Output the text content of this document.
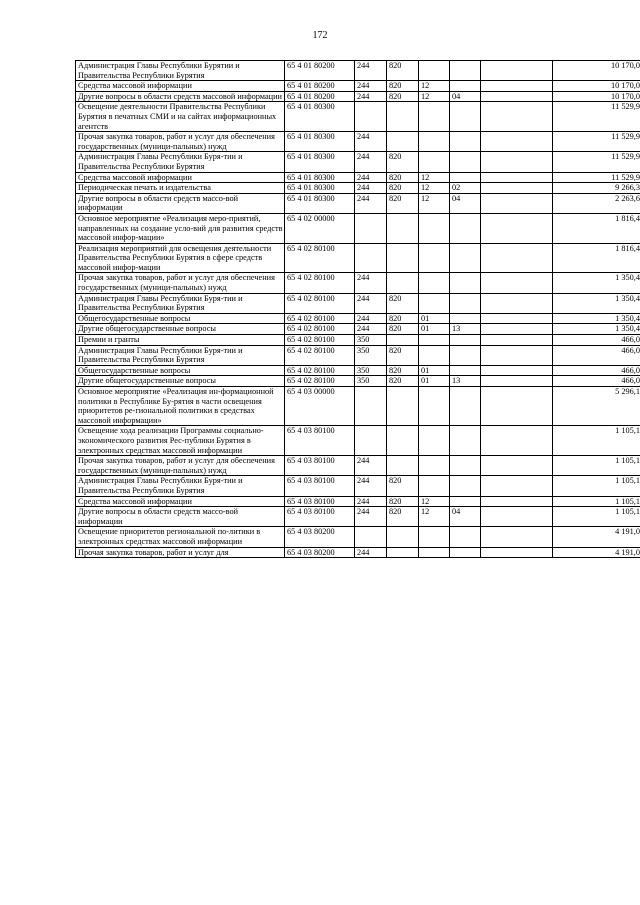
172
Администрация Главы Республики Бурятии и Правительства Республики Бурятия	65 4 01 80200	244	820				10 170,0
Средства массовой информации	65 4 01 80200	244	820	12			10 170,0
Другие вопросы в области средств массовой информации	65 4 01 80200	244	820	12	04		10 170,0
Освещение деятельности Правительства Республики Бурятия в печатных СМИ и на сайтах информационных агентств	65 4 01 80300						11 529,9
Прочая закупка товаров, работ и услуг для обеспечения государственных (муници-пальных) нужд	65 4 01 80300	244					11 529,9
Администрация Главы Республики Буря-тии и Правительства Республики Бурятия	65 4 01 80300	244	820				11 529,9
Средства массовой информации	65 4 01 80300	244	820	12			11 529,9
Периодическая печать и издательства	65 4 01 80300	244	820	12	02		9 266,3
Другие вопросы в области средств массо-вой информации	65 4 01 80300	244	820	12	04		2 263,6
Основное мероприятие «Реализация меро-приятий, направленных на создание усло-вий для развития средств массовой инфор-мации»	65 4 02 00000						1 816,4
Реализация мероприятий для освещения деятельности Правительства Республики Бурятия в сфере средств массовой инфор-мации	65 4 02 80100						1 816,4
Прочая закупка товаров, работ и услуг для обеспечения государственных (муници-пальных) нужд	65 4 02 80100	244					1 350,4
Администрация Главы Республики Буря-тии и Правительства Республики Бурятия	65 4 02 80100	244	820				1 350,4
Общегосударственные вопросы	65 4 02 80100	244	820	01			1 350,4
Другие общегосударственные вопросы	65 4 02 80100	244	820	01	13		1 350,4
Премии и гранты	65 4 02 80100	350					466,0
Администрация Главы Республики Буря-тии и Правительства Республики Бурятия	65 4 02 80100	350	820				466,0
Общегосударственные вопросы	65 4 02 80100	350	820	01			466,0
Другие общегосударственные вопросы	65 4 02 80100	350	820	01	13		466,0
Основное мероприятие «Реализация ин-формационной политики в Республике Бу-рятия в части освещения приоритетов ре-гиональной политики в средствах массовой информации»	65 4 03 00000						5 296,1
Освещение хода реализации Программы социально-экономического развития Рес-публики Бурятия в электронных средствах массовой информации	65 4 03 80100						1 105,1
Прочая закупка товаров, работ и услуг для обеспечения государственных (муници-пальных) нужд	65 4 03 80100	244					1 105,1
Администрация Главы Республики Буря-тии и Правительства Республики Бурятия	65 4 03 80100	244	820				1 105,1
Средства массовой информации	65 4 03 80100	244	820	12			1 105,1
Другие вопросы в области средств массо-вой информации	65 4 03 80100	244	820	12	04		1 105,1
Освещение приоритетов региональной по-литики в электронных средствах массовой информации	65 4 03 80200						4 191,0
Прочая закупка товаров, работ и услуг для	65 4 03 80200	244					4 191,0
